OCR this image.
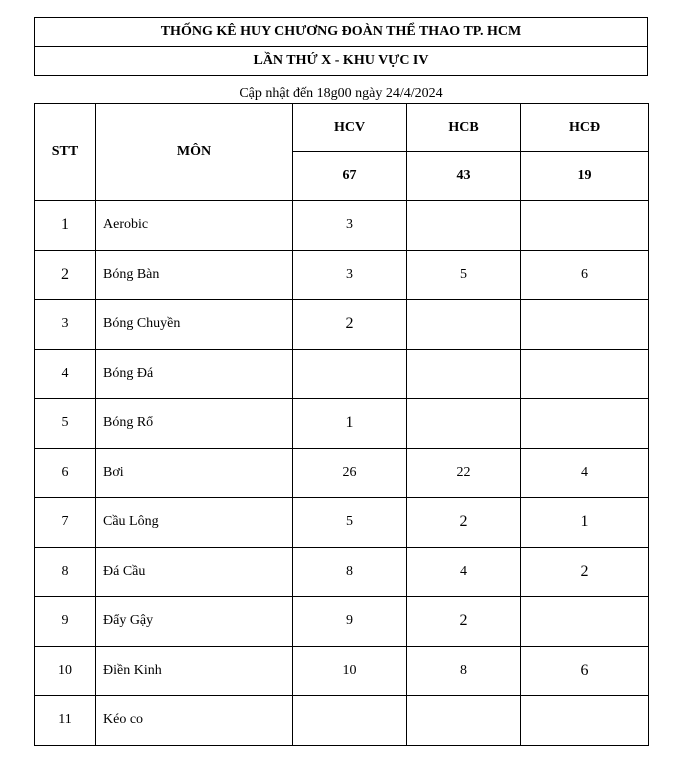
THỐNG KÊ HUY CHƯƠNG ĐOÀN THỂ THAO TP. HCM
LẦN THỨ X - KHU VỰC IV
Cập nhật đến 18g00 ngày 24/4/2024
STT	MÔN	HCV	HCB	HCĐ
		67	43	19
1	Aerobic	3		
2	Bóng Bàn	3	5	6
3	Bóng Chuyền	2		
4	Bóng Đá			
5	Bóng Rổ	1		
6	Bơi	26	22	4
7	Cầu Lông	5	2	1
8	Đá Cầu	8	4	2
9	Đẩy Gậy	9	2	
10	Điền Kinh	10	8	6
11	Kéo co			
